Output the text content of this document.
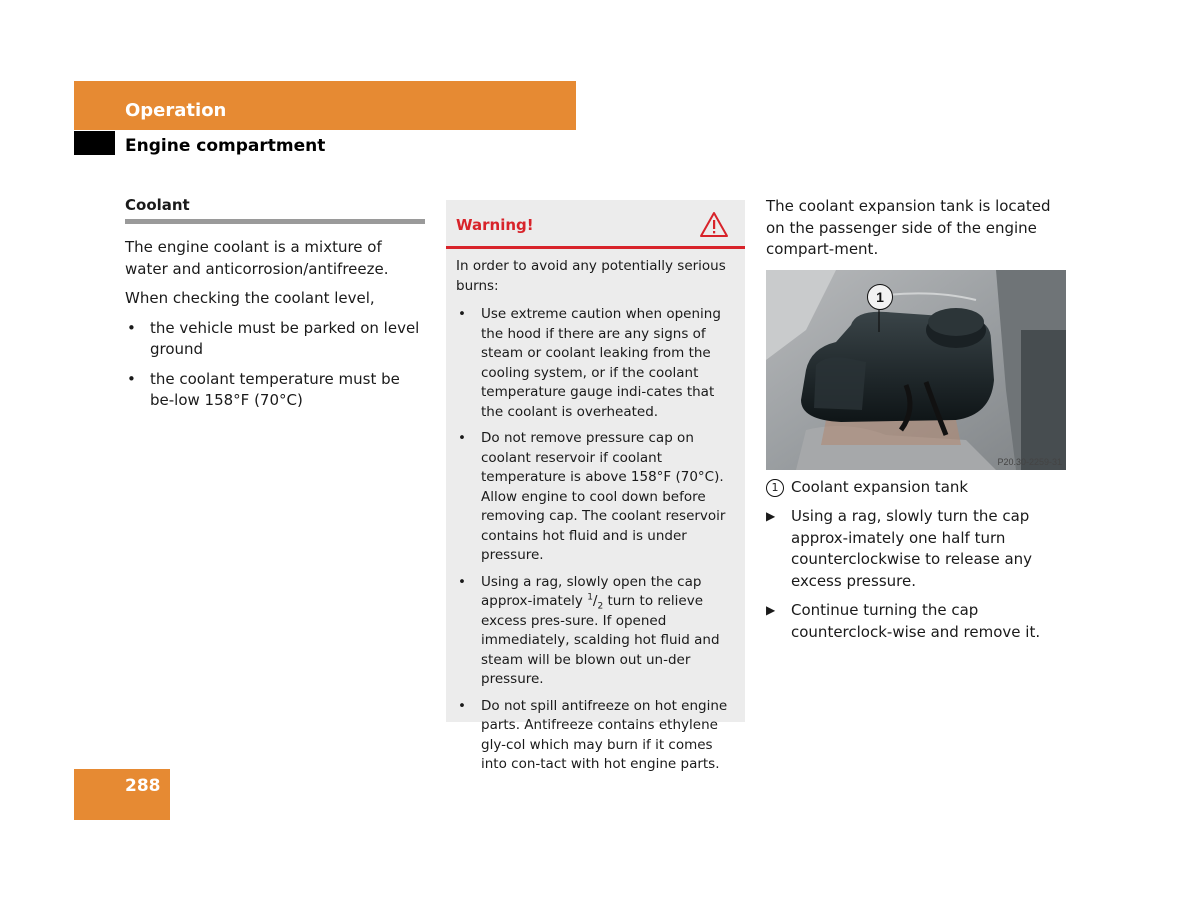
Operation
Engine compartment
Coolant

The engine coolant is a mixture of water and anticorrosion/antifreeze.

When checking the coolant level,

• the vehicle must be parked on level ground
• the coolant temperature must be be-low 158°F (70°C)
Warning!

In order to avoid any potentially serious burns:

• Use extreme caution when opening the hood if there are any signs of steam or coolant leaking from the cooling system, or if the coolant temperature gauge indi-cates that the coolant is overheated.
• Do not remove pressure cap on coolant reservoir if coolant temperature is above 158°F (70°C). Allow engine to cool down before removing cap. The coolant reservoir contains hot fluid and is under pressure.
• Using a rag, slowly open the cap approx-imately $^1/_2$ turn to relieve excess pres-sure. If opened immediately, scalding hot fluid and steam will be blown out un-der pressure.
• Do not spill antifreeze on hot engine parts. Antifreeze contains ethylene gly-col which may burn if it comes into con-tact with hot engine parts.

The coolant expansion tank is located on the passenger side of the engine compart-ment.

1
P20.30-2259-31
1 Coolant expansion tank
▶ Using a rag, slowly turn the cap approx-imately one half turn counterclockwise to release any excess pressure.
▶ Continue turning the cap counterclock-wise and remove it.
288
